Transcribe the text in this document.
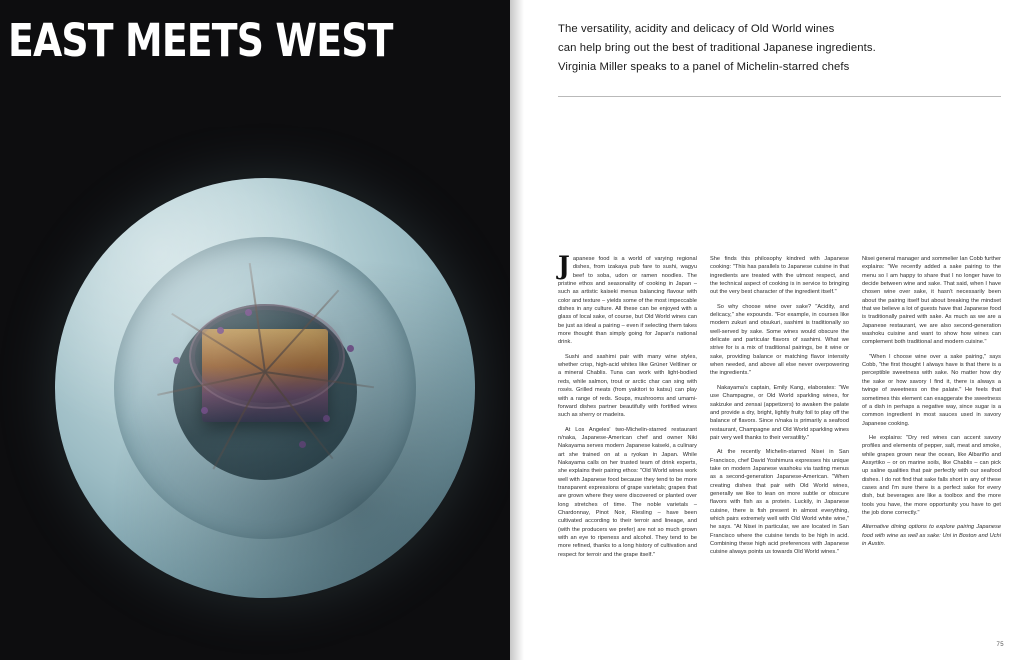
EAST MEETS WEST	The versatility, acidity and delicacy of Old World wines
can help bring out the best of traditional Japanese ingredients.
Virginia Miller speaks to a panel of Michelin-starred chefs

Japanese food is a world of varying regional dishes, from izakaya pub fare to sushi, wagyu beef to soba, udon or ramen noodles. The pristine ethos and seasonality of cooking in Japan – such as artistic kaiseki menus balancing flavour with color and texture – yields some of the most impeccable dishes in any culture. All these can be enjoyed with a glass of local sake, of course, but Old World wines can be just as ideal a pairing – even if selecting them takes more thought than simply going for Japan's national drink.

Sushi and sashimi pair with many wine styles, whether crisp, high-acid whites like Grüner Veltliner or a mineral Chablis. Tuna can work with light-bodied reds, while salmon, trout or arctic char can sing with rosés. Grilled meats (from yakitori to katsu) can play with a range of reds. Soups, mushrooms and umami-forward dishes partner beautifully with fortified wines such as sherry or madeira.

At Los Angeles' two-Michelin-starred restaurant n/naka, Japanese-American chef and owner Niki Nakayama serves modern Japanese kaiseki, a culinary art she trained on at a ryokan in Japan. While Nakayama calls on her trusted team of drink experts, she explains their pairing ethos: "Old World wines work well with Japanese food because they tend to be more transparent expressions of grape varietals; grapes that are grown where they were discovered or planted over long stretches of time. The noble varietals – Chardonnay, Pinot Noir, Riesling – have been cultivated according to their terroir and lineage, and (with the producers we prefer) are not so much grown with an eye to ripeness and alcohol. They tend to be more refined, thanks to a long history of cultivation and respect for terroir and the grape itself."

She finds this philosophy kindred with Japanese cooking: "This has parallels to Japanese cuisine in that ingredients are treated with the utmost respect, and the technical aspect of cooking is in service to bringing out the very best character of the ingredient itself."

So why choose wine over sake? "Acidity, and delicacy," she expounds. "For example, in courses like modern zukuri and otsukuri, sashimi is traditionally so well-served by sake. Some wines would obscure the delicate and particular flavors of sashimi. What we strive for is a mix of traditional pairings, be it wine or sake, providing balance or matching flavor intensity when needed, and above all else never overpowering the ingredients."

Nakayama's captain, Emily Kang, elaborates: "We use Champagne, or Old World sparkling wines, for sakizuke and zensai (appetizers) to awaken the palate and provide a dry, bright, lightly fruity foil to play off the balance of flavors. Since n/naka is primarily a seafood restaurant, Champagne and Old World sparkling wines pair very well thanks to their versatility."

At the recently Michelin-starred Nisei in San Francisco, chef David Yoshimura expresses his unique take on modern Japanese washoku via tasting menus as a second-generation Japanese-American. "When creating dishes that pair with Old World wines, generally we like to lean on more subtle or obscure flavors with fish as a protein. Luckily, in Japanese cuisine, there is fish present in almost everything, which pairs extremely well with Old World white wine," he says. "At Nisei in particular, we are located in San Francisco where the cuisine tends to be high in acid. Combining these high acid preferences with Japanese cuisine always points us towards Old World wines."

Nisei general manager and sommelier Ian Cobb further explains: "We recently added a sake pairing to the menu so I am happy to share that I no longer have to decide between wine and sake. That said, when I have chosen wine over sake, it hasn't necessarily been about the pairing itself but about breaking the mindset that we believe a lot of guests have that Japanese food is traditionally paired with sake. As much as we are a Japanese restaurant, we are also second-generation washoku cuisine and want to show how wines can complement both traditional and modern cuisine."

"When I choose wine over a sake pairing," says Cobb, "the first thought I always have is that there is a perceptible sweetness with sake. No matter how dry the sake or how savory I find it, there is always a twinge of sweetness on the palate." He feels that sometimes this element can exaggerate the sweetness of a dish in perhaps a negative way, since sugar is a common ingredient in most sauces used in savory Japanese cooking.

He explains: "Dry red wines can accent savory profiles and elements of pepper, salt, meat and smoke, while grapes grown near the ocean, like Albariño and Assyrtiko – or on marine soils, like Chablis – can pick up saline qualities that pair perfectly with our seafood dishes. I do not find that sake falls short in any of these cases and I'm sure there is a perfect sake for every dish, but beverages are like a toolbox and the more tools you have, the more opportunity you have to get the job done correctly."

Alternative dining options to explore pairing Japanese food with wine as well as sake: Uni in Boston and Uchi in Austin.

75
